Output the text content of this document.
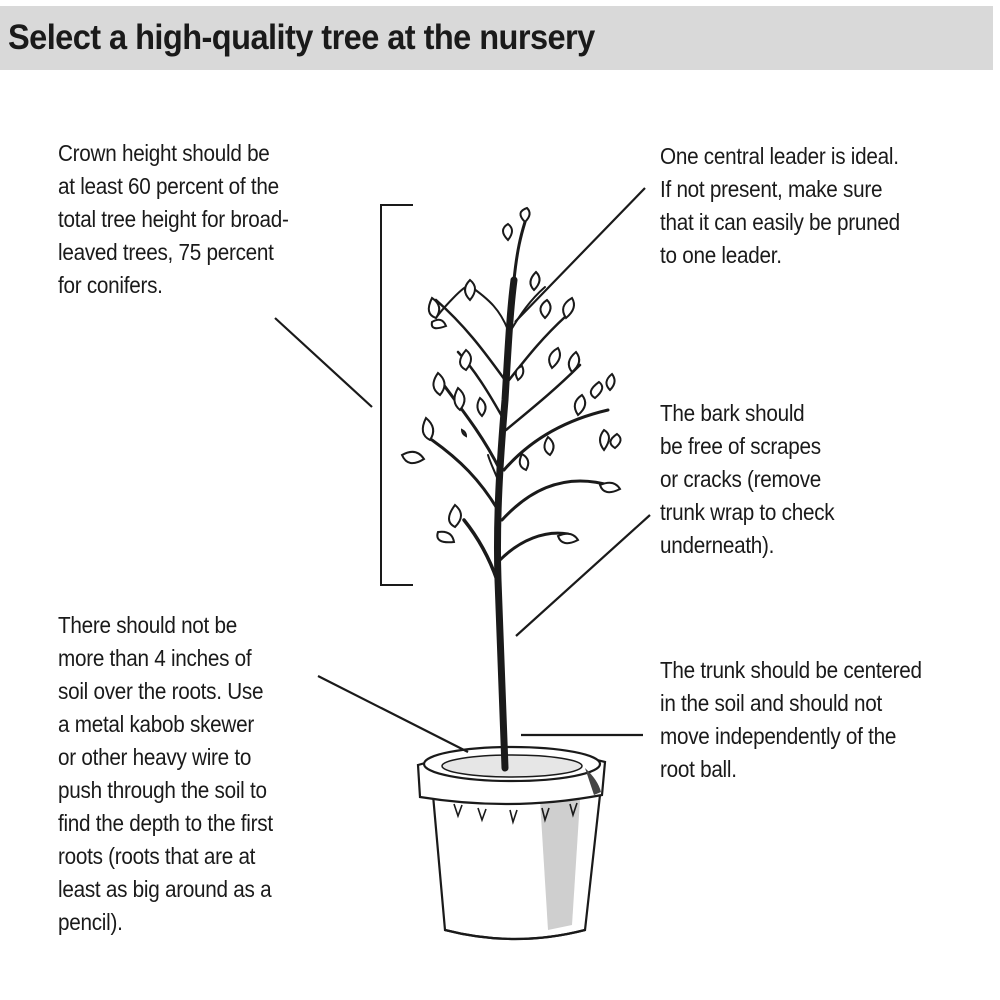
Select a high-quality tree at the nursery

Crown height should be
at least 60 percent of the
total tree height for broad-
leaved trees, 75 percent
for conifers.

One central leader is ideal.
If not present, make sure
that it can easily be pruned
to one leader.

The bark should
be free of scrapes
or cracks (remove
trunk wrap to check
underneath).

There should not be
more than 4 inches of
soil over the roots. Use
a metal kabob skewer
or other heavy wire to
push through the soil to
find the depth to the first
roots (roots that are at
least as big around as a
pencil).

The trunk should be centered
in the soil and should not
move independently of the
root ball.
